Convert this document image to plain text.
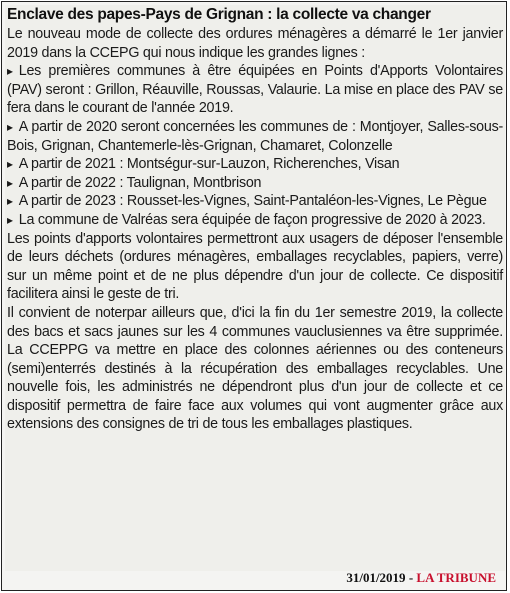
Enclave des papes-Pays de Grignan : la collecte va changer

Le nouveau mode de collecte des ordures ménagères a démarré le 1er janvier 2019 dans la CCEPG qui nous indique les grandes lignes :

▸ Les premières communes à être équipées en Points d'Apports Volontaires (PAV) seront : Grillon, Réauville, Roussas, Valaurie. La mise en place des PAV se fera dans le courant de l'année 2019.

▸ A partir de 2020 seront concernées les communes de : Montjoyer, Salles-sous-Bois, Grignan, Chantemerle-lès-Grignan, Chamaret, Colonzelle

▸ A partir de 2021 : Montségur-sur-Lauzon, Richerenches, Visan

▸ A partir de 2022 : Taulignan, Montbrison

▸ A partir de 2023 : Rousset-les-Vignes, Saint-Pantaléon-les-Vignes, Le Pègue

▸ La commune de Valréas sera équipée de façon progressive de 2020 à 2023.

Les points d'apports volontaires permettront aux usagers de déposer l'ensemble de leurs déchets (ordures ménagères, emballages recyclables, papiers, verre) sur un même point et de ne plus dépendre d'un jour de collecte. Ce dispositif facilitera ainsi le geste de tri.

Il convient de noterpar ailleurs que, d'ici la fin du 1er semestre 2019, la collecte des bacs et sacs jaunes sur les 4 communes vauclusiennes va être supprimée. La CCEPPG va mettre en place des colonnes aériennes ou des conteneurs (semi)enterrés destinés à la récupération des emballages recyclables. Une nouvelle fois, les administrés ne dépendront plus d'un jour de collecte et ce dispositif permettra de faire face aux volumes qui vont augmenter grâce aux extensions des consignes de tri de tous les emballages plastiques.

31/01/2019 - LA TRIBUNE
